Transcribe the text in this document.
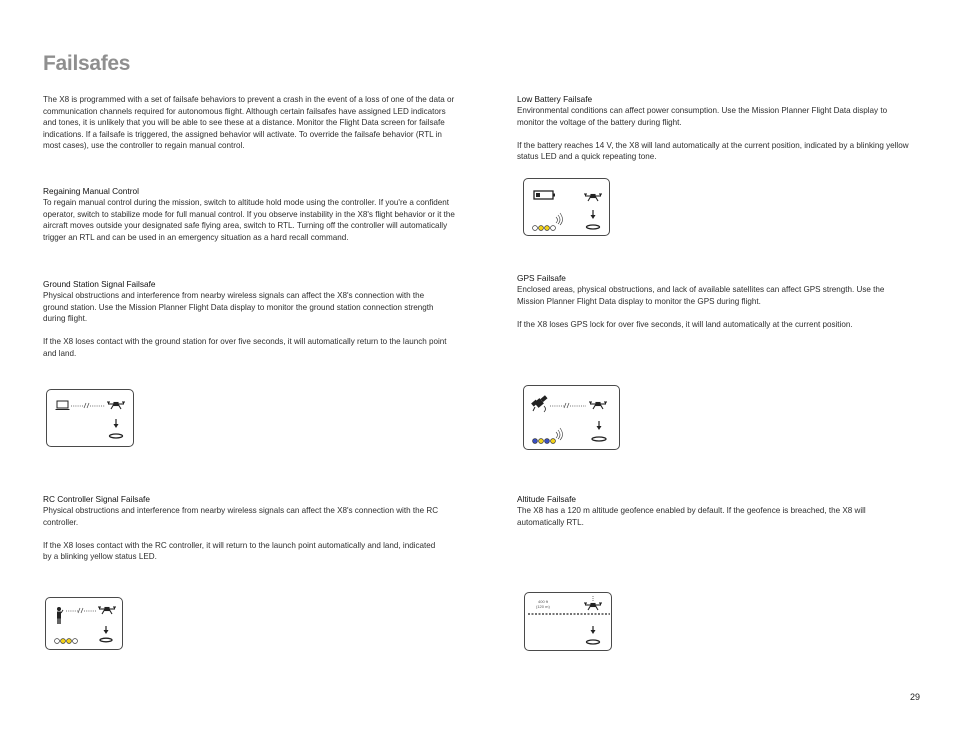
Failsafes

The X8 is programmed with a set of failsafe behaviors to prevent a crash in the event of a loss of one of the data or communication channels required for autonomous flight. Although certain failsafes have assigned LED indicators and tones, it is unlikely that you will be able to see these at a distance. Monitor the Flight Data screen for failsafe indications. If a failsafe is triggered, the assigned behavior will activate. To override the failsafe behavior (RTL in most cases), use the controller to regain manual control.

Regaining Manual Control

To regain manual control during the mission, switch to altitude hold mode using the controller. If you're a confident operator, switch to stabilize mode for full manual control. If you observe instability in the X8's flight behavior or it the aircraft moves outside your designated safe flying area, switch to RTL. Turning off the controller will automatically trigger an RTL and can be used in an emergency situation as a hard recall command.

Ground Station Signal Failsafe

Physical obstructions and interference from nearby wireless signals can affect the X8's connection with the ground station. Use the Mission Planner Flight Data display to monitor the ground station connection strength during flight.

If the X8 loses contact with the ground station for over five seconds, it will automatically return to the launch point and land.

RC Controller Signal Failsafe

Physical obstructions and interference from nearby wireless signals can affect the X8's connection with the RC controller.

If the X8 loses contact with the RC controller, it will return to the launch point automatically and land, indicated by a blinking yellow status LED.

Low Battery Failsafe

Environmental conditions can affect power consumption. Use the Mission Planner Flight Data display to monitor the voltage of the battery during flight.

If the battery reaches 14 V, the X8 will land automatically at the current position, indicated by a blinking yellow status LED and a quick repeating tone.

GPS Failsafe

Enclosed areas, physical obstructions, and lack of available satellites can affect GPS strength. Use the Mission Planner Flight Data display to monitor the GPS during flight.

If the X8 loses GPS lock for over five seconds, it will land automatically at the current position.

Altitude Failsafe

The X8 has a 120 m altitude geofence enabled by default. If the geofence is breached, the X8 will automatically RTL.

400 ft
(120 m)
29
